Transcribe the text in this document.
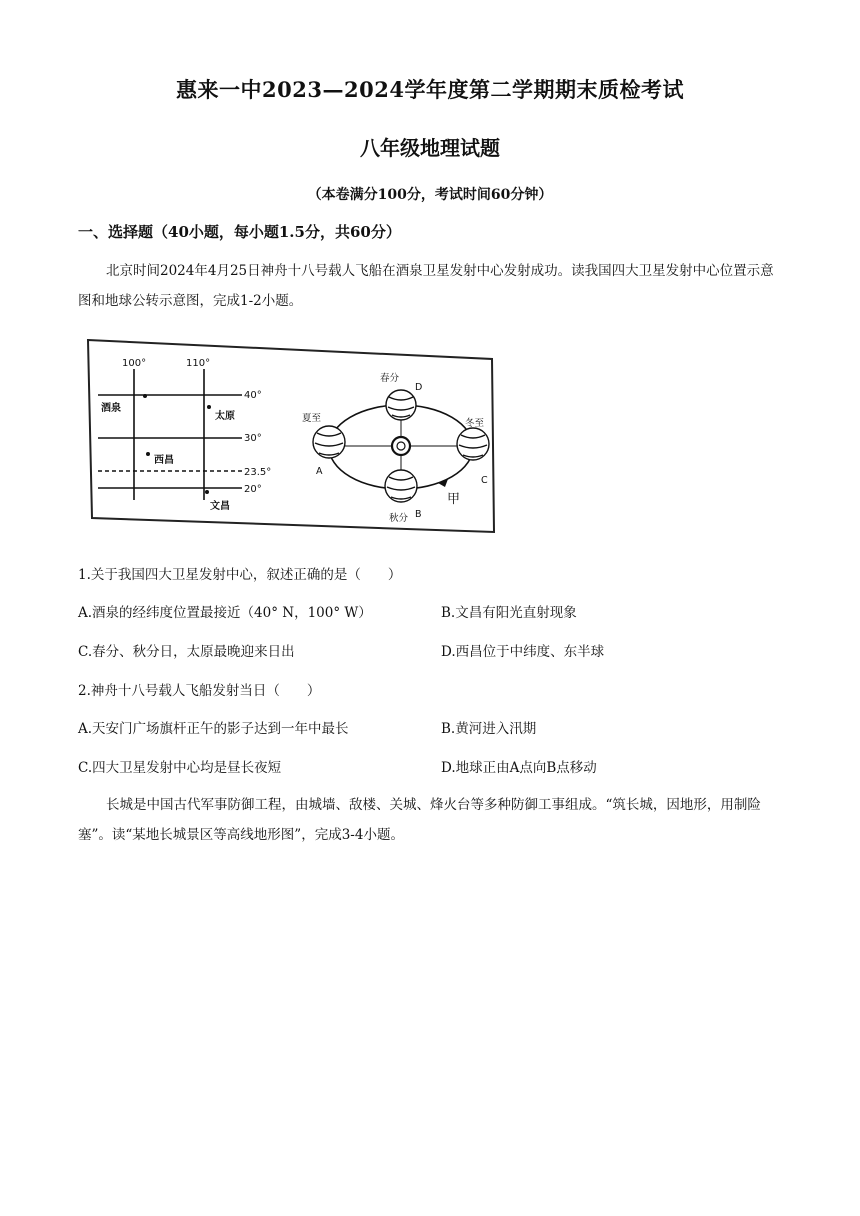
惠来一中2023—2024学年度第二学期期末质检考试
八年级地理试题
（本卷满分100分，考试时间60分钟）
一、选择题（40小题，每小题1.5分，共60分）
北京时间2024年4月25日神舟十八号载人飞船在酒泉卫星发射中心发射成功。读我国四大卫星发射中心位置示意图和地球公转示意图，完成1-2小题。
100°	110°
40°
30°
23.5°
20°
酒泉
太原
西昌
文昌
春分
D
夏至
A
冬至
C
秋分 B
甲
1.关于我国四大卫星发射中心，叙述正确的是（　　）
A.酒泉的经纬度位置最接近（40° N，100° W）	B.文昌有阳光直射现象
C.春分、秋分日，太原最晚迎来日出	D.西昌位于中纬度、东半球
2.神舟十八号载人飞船发射当日（　　）
A.天安门广场旗杆正午的影子达到一年中最长	B.黄河进入汛期
C.四大卫星发射中心均是昼长夜短	D.地球正由A点向B点移动
长城是中国古代军事防御工程，由城墙、敌楼、关城、烽火台等多种防御工事组成。“筑长城，因地形，用制险塞”。读“某地长城景区等高线地形图”，完成3-4小题。
